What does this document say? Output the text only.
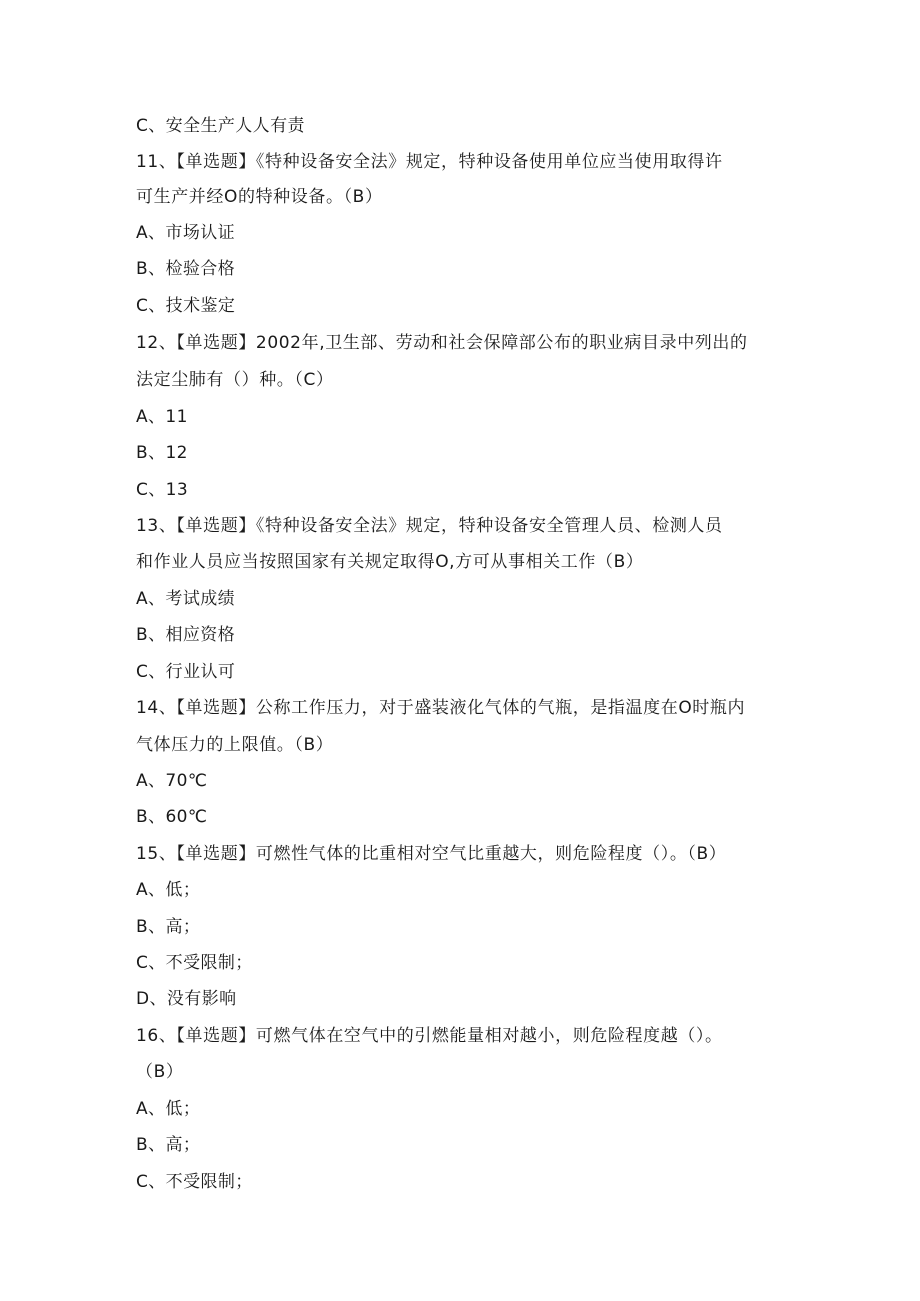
C、安全生产人人有责
11、【单选题】《特种设备安全法》规定，特种设备使用单位应当使用取得许
可生产并经O的特种设备。（B）
A、市场认证
B、检验合格
C、技术鉴定
12、【单选题】2002年,卫生部、劳动和社会保障部公布的职业病目录中列出的
法定尘肺有（）种。（C）
A、11
B、12
C、13
13、【单选题】《特种设备安全法》规定，特种设备安全管理人员、检测人员
和作业人员应当按照国家有关规定取得O,方可从事相关工作（B）
A、考试成绩
B、相应资格
C、行业认可
14、【单选题】公称工作压力，对于盛装液化气体的气瓶，是指温度在O时瓶内
气体压力的上限值。（B）
A、70℃
B、60℃
15、【单选题】可燃性气体的比重相对空气比重越大，则危险程度（）。（B）
A、低；
B、高；
C、不受限制；
D、没有影响
16、【单选题】可燃气体在空气中的引燃能量相对越小，则危险程度越（）。
（B）
A、低；
B、高；
C、不受限制；
